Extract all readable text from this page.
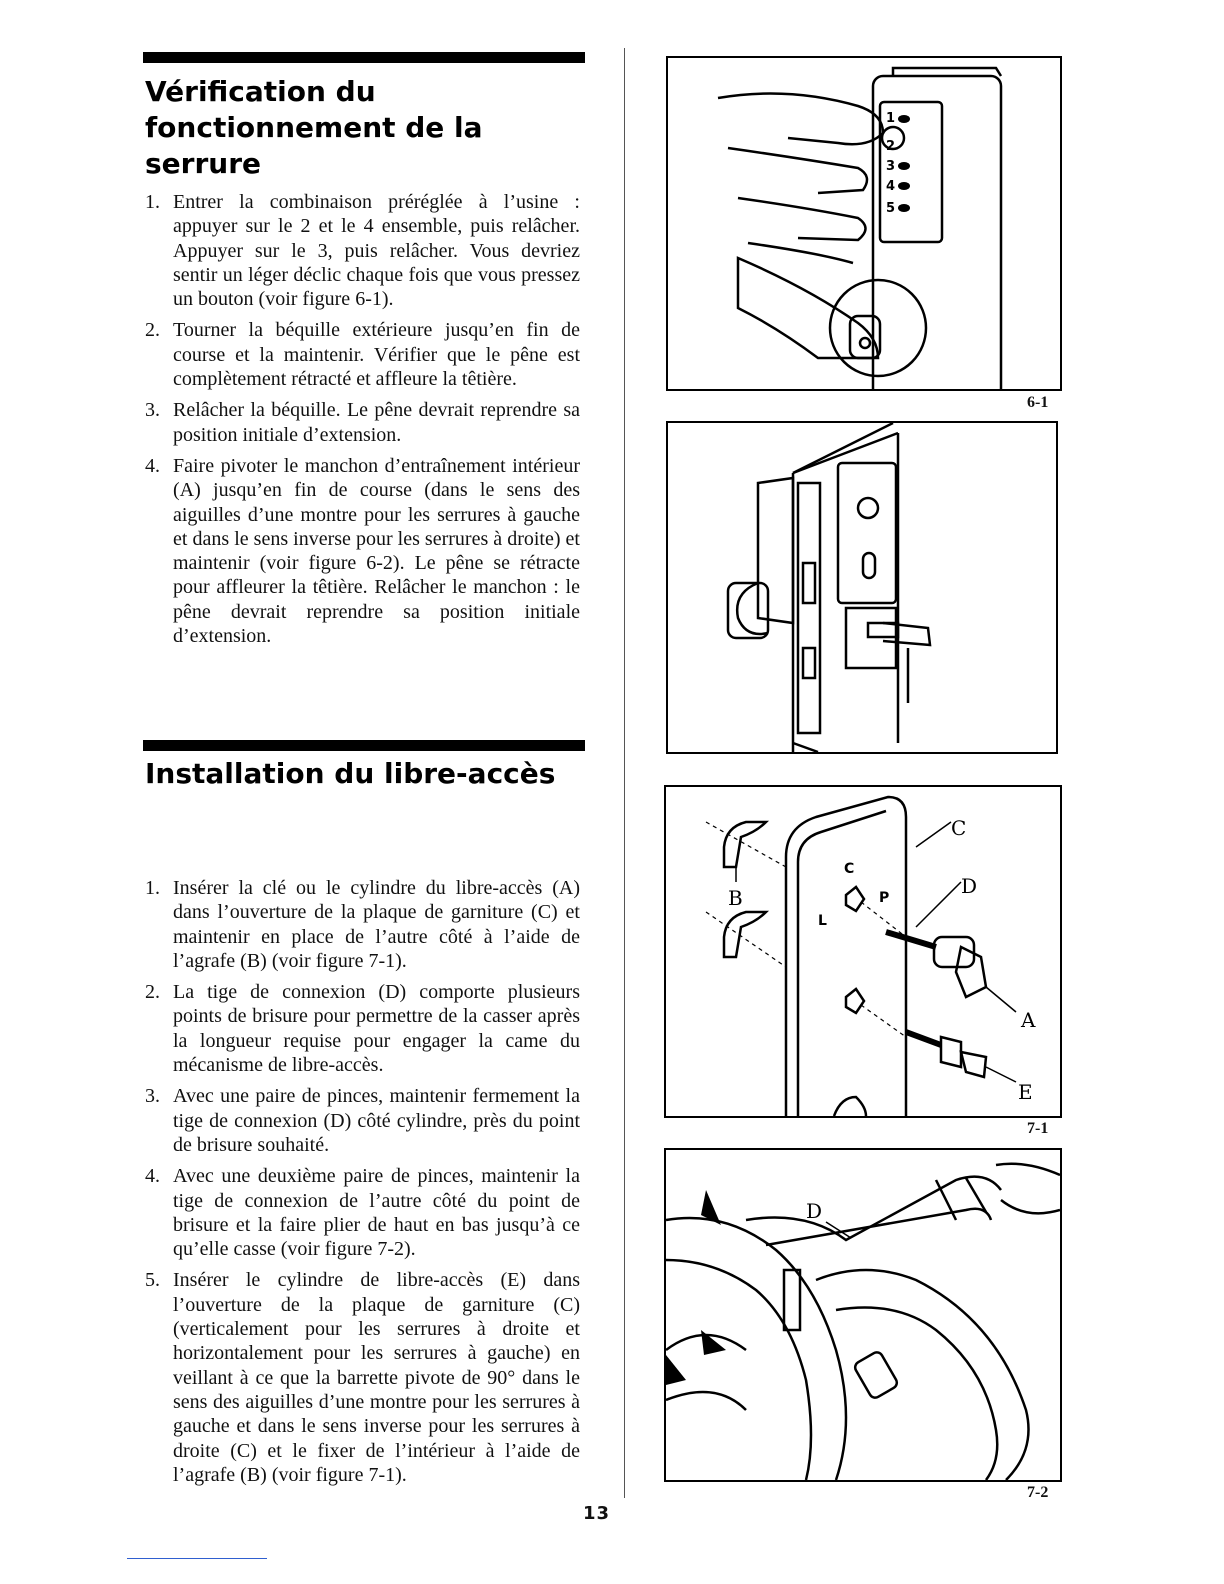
Vérification du
fonctionnement de la serrure
1. Entrer la combinaison préréglée à l’usine : appuyer sur le 2 et le 4 ensemble, puis relâcher. Appuyer sur le 3, puis relâcher. Vous devriez sentir un léger déclic chaque fois que vous pressez un bouton (voir figure 6-1).
2. Tourner la béquille extérieure jusqu’en fin de course et la maintenir. Vérifier que le pêne est complètement rétracté et affleure la têtière.
3. Relâcher la béquille. Le pêne devrait reprendre sa position initiale d’extension.
4. Faire pivoter le manchon d’entraînement intérieur (A) jusqu’en fin de course (dans le sens des aiguilles d’une montre pour les serrures à gauche et dans le sens inverse pour les serrures à droite) et maintenir (voir figure 6-2). Le pêne se rétracte pour affleurer la têtière. Relâcher le manchon : le pêne devrait reprendre sa position initiale d’extension.
Installation du libre-accès
1. Insérer la clé ou le cylindre du libre-accès (A) dans l’ouverture de la plaque de garniture (C) et maintenir en place de l’autre côté à l’aide de l’agrafe (B) (voir figure 7-1).
2. La tige de connexion (D) comporte plusieurs points de brisure pour permettre de la casser après la longueur requise pour engager la came du mécanisme de libre-accès.
3. Avec une paire de pinces, maintenir fermement la tige de connexion (D) côté cylindre, près du point de brisure souhaité.
4. Avec une deuxième paire de pinces, maintenir la tige de connexion de l’autre côté du point de brisure et la faire plier de haut en bas jusqu’à ce qu’elle casse (voir figure 7-2).
5. Insérer le cylindre de libre-accès (E) dans l’ouverture de la plaque de garniture (C) (verticalement pour les serrures à droite et horizontalement pour les serrures à gauche) en veillant à ce que la barrette pivote de 90° dans le sens des aiguilles d’une montre pour les serrures à gauche et dans le sens inverse pour les serrures à droite (C) et le fixer de l’intérieur à l’aide de l’agrafe (B) (voir figure 7-1).
1
2
3
4
5
6-1
C
D
B
A
E
C
L
P
7-1
D
7-2
13
